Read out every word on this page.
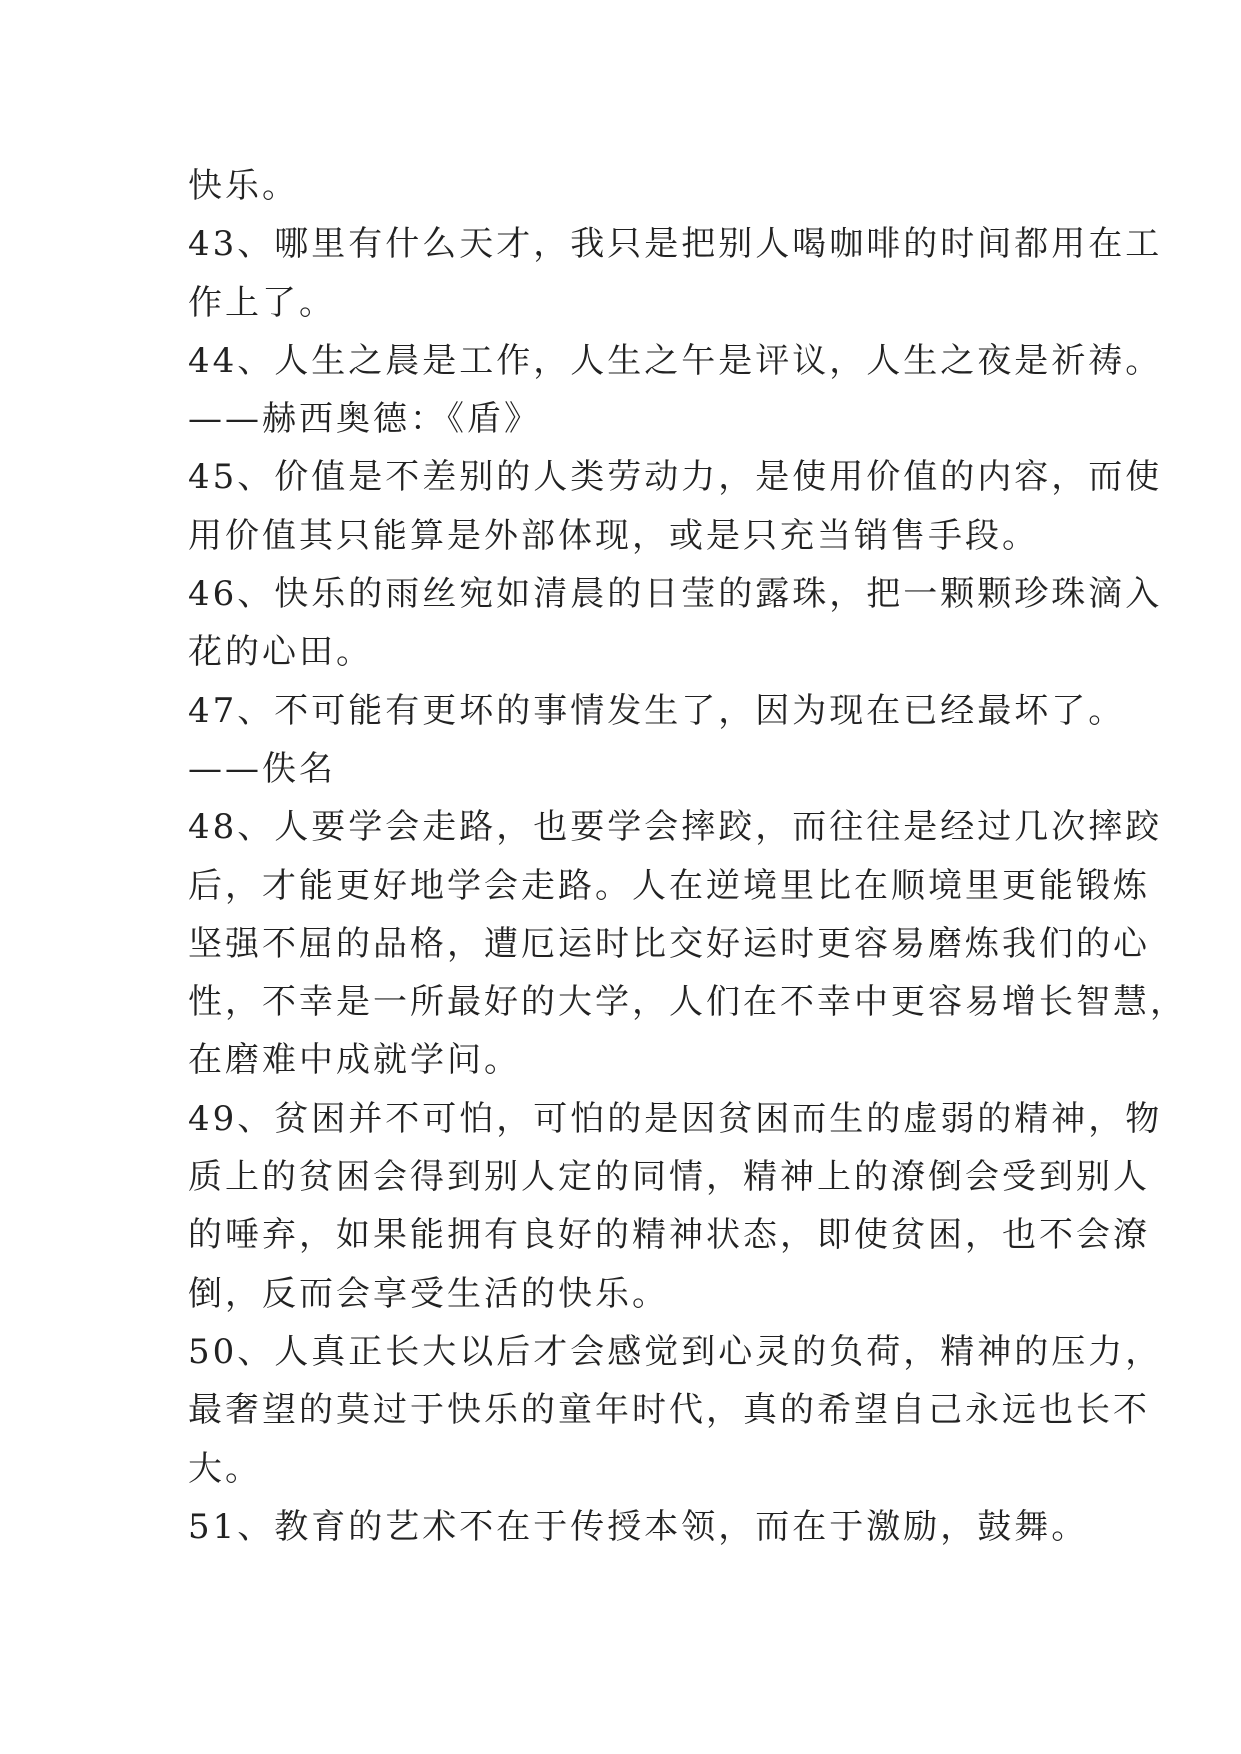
快乐。
43、哪里有什么天才，我只是把别人喝咖啡的时间都用在工
作上了。
44、人生之晨是工作，人生之午是评议，人生之夜是祈祷。
——赫西奥德：《盾》
45、价值是不差别的人类劳动力，是使用价值的内容，而使
用价值其只能算是外部体现，或是只充当销售手段。
46、快乐的雨丝宛如清晨的日莹的露珠，把一颗颗珍珠滴入
花的心田。
47、不可能有更坏的事情发生了，因为现在已经最坏了。
——佚名
48、人要学会走路，也要学会摔跤，而往往是经过几次摔跤
后，才能更好地学会走路。人在逆境里比在顺境里更能锻炼
坚强不屈的品格，遭厄运时比交好运时更容易磨炼我们的心
性，不幸是一所最好的大学，人们在不幸中更容易增长智慧，
在磨难中成就学问。
49、贫困并不可怕，可怕的是因贫困而生的虚弱的精神，物
质上的贫困会得到别人定的同情，精神上的潦倒会受到别人
的唾弃，如果能拥有良好的精神状态，即使贫困，也不会潦
倒，反而会享受生活的快乐。
50、人真正长大以后才会感觉到心灵的负荷，精神的压力，
最奢望的莫过于快乐的童年时代，真的希望自己永远也长不
大。
51、教育的艺术不在于传授本领，而在于激励，鼓舞。
